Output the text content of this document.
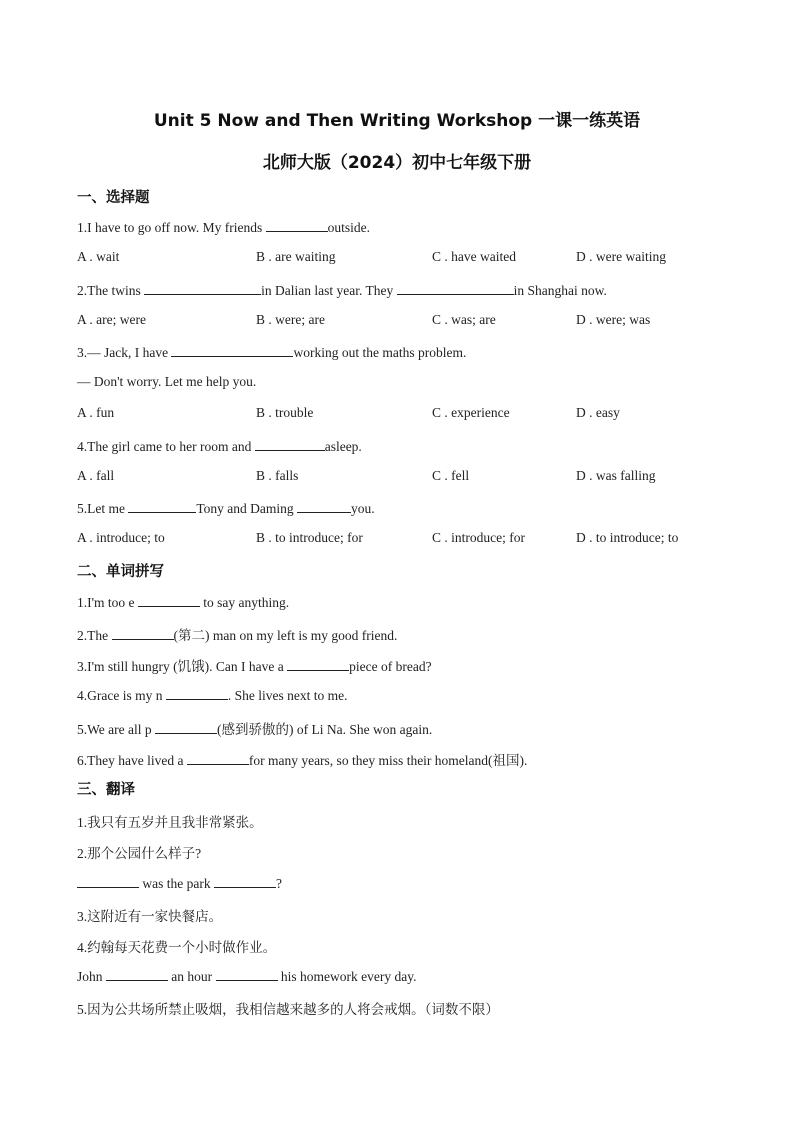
Unit 5 Now and Then Writing Workshop 一课一练英语
北师大版（2024）初中七年级下册
一、选择题
1.I have to go off now. My friends	outside.
A . wait	B . are waiting	C . have waited	D . were waiting
2.The twins	in Dalian last year. They	in Shanghai now.
A . are; were	B . were; are	C . was; are	D . were; was
3.— Jack, I have	working out the maths problem.
— Don't worry. Let me help you.
A . fun	B . trouble	C . experience	D . easy
4.The girl came to her room and	asleep.
A . fall	B . falls	C . fell	D . was falling
5.Let me	Tony and Daming	you.
A . introduce; to	B . to introduce; for	C . introduce; for	D . to introduce; to
二、单词拼写
1.I'm too e	to say anything.
2.The	(第二) man on my left is my good friend.
3.I'm still hungry (饥饿). Can I have a	piece of bread?
4.Grace is my n	. She lives next to me.
5.We are all p	(感到骄傲的) of Li Na. She won again.
6.They have lived a	for many years, so they miss their homeland(祖国).
三、翻译
1.我只有五岁并且我非常紧张。
2.那个公园什么样子?
was the park	?
3.这附近有一家快餐店。
4.约翰每天花费一个小时做作业。
John	an hour	his homework every day.
5.因为公共场所禁止吸烟，我相信越来越多的人将会戒烟。（词数不限）
